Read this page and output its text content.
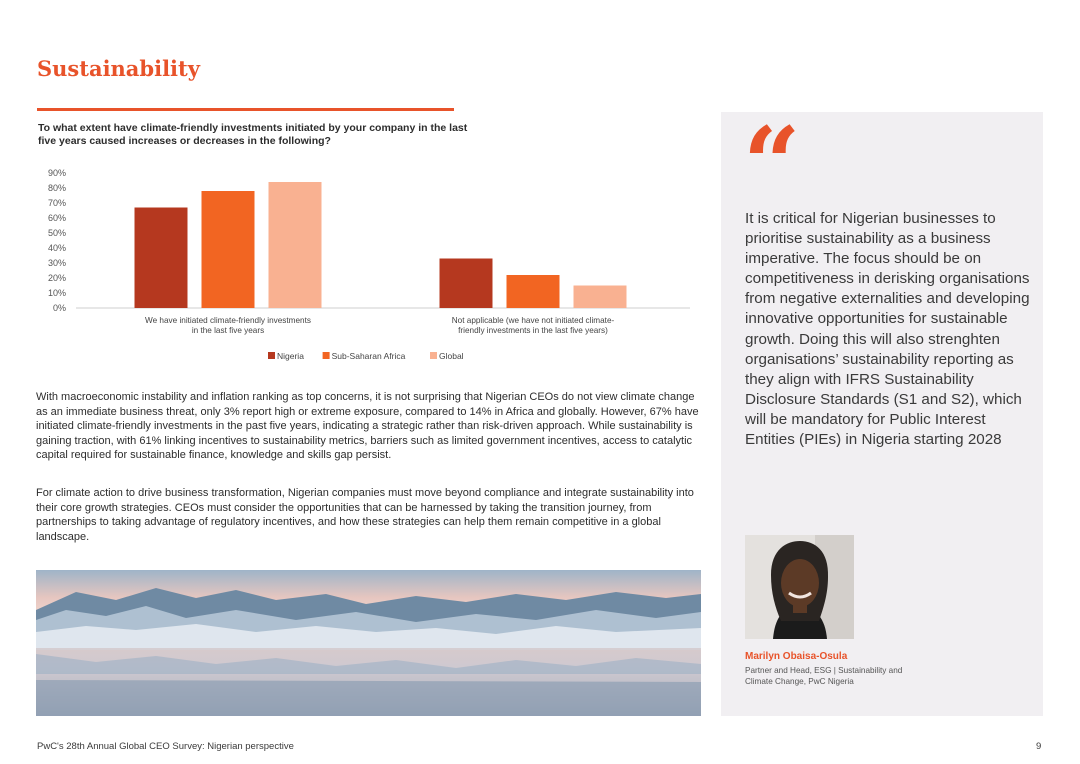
Sustainability

To what extent have climate-friendly investments initiated by your company in the last five years caused increases or decreases in the following?

0%
10%
20%
30%
40%
50%
60%
70%
80%
90%
We have initiated climate-friendly investments
in the last five years
Not applicable (we have not initiated climate-
friendly investments in the last five years)
Nigeria	Sub-Saharan Africa	Global

With macroeconomic instability and inflation ranking as top concerns, it is not surprising that Nigerian CEOs do not view climate change as an immediate business threat, only 3% report high or extreme exposure, compared to 14% in Africa and globally. However, 67% have initiated climate-friendly investments in the past five years, indicating a strategic rather than risk-driven approach. While sustainability is gaining traction, with 61% linking incentives to sustainability metrics, barriers such as limited government incentives, access to catalytic capital required for sustainable finance, knowledge and skills gap persist.

For climate action to drive business transformation, Nigerian companies must move beyond compliance and integrate sustainability into their core growth strategies. CEOs must consider the opportunities that can be harnessed by taking the transition journey, from partnerships to taking advantage of regulatory incentives, and how these strategies can help them remain competitive in a global landscape.

“

It is critical for Nigerian businesses to prioritise sustainability as a business imperative. The focus should be on competitiveness in derisking organisations from negative externalities and developing innovative opportunities for sustainable growth. Doing this will also strenghten organisations’ sustainability reporting as they align with IFRS Sustainability Disclosure Standards (S1 and S2), which will be mandatory for Public Interest Entities (PIEs) in Nigeria starting 2028

Marilyn Obaisa-Osula

Partner and Head, ESG | Sustainability and Climate Change, PwC Nigeria

PwC's 28th Annual Global CEO Survey: Nigerian perspective	9
